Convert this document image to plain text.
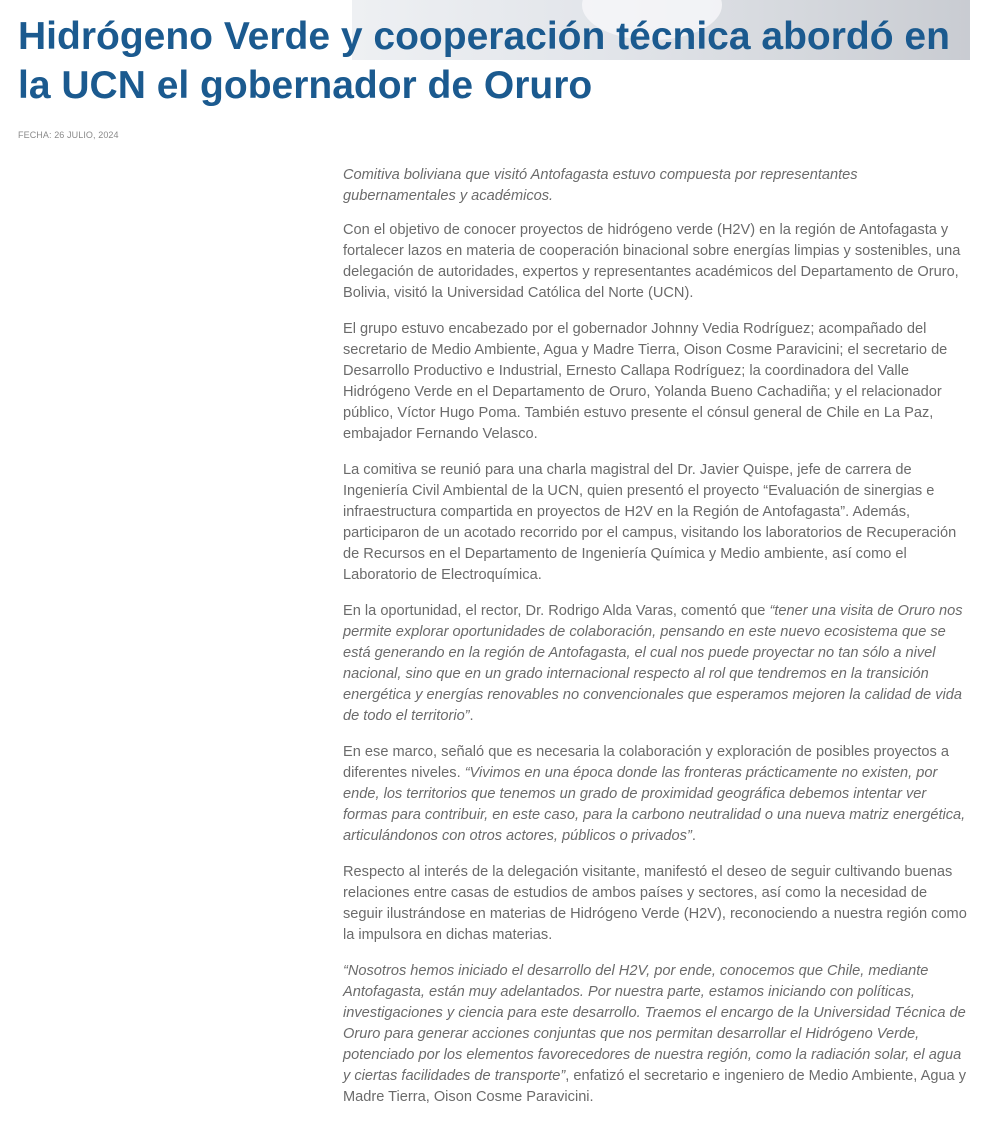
Hidrógeno Verde y cooperación técnica abordó en la UCN el gobernador de Oruro
FECHA: 26 JULIO, 2024

Comitiva boliviana que visitó Antofagasta estuvo compuesta por representantes gubernamentales y académicos.

Con el objetivo de conocer proyectos de hidrógeno verde (H2V) en la región de Antofagasta y fortalecer lazos en materia de cooperación binacional sobre energías limpias y sostenibles, una delegación de autoridades, expertos y representantes académicos del Departamento de Oruro, Bolivia, visitó la Universidad Católica del Norte (UCN).

El grupo estuvo encabezado por el gobernador Johnny Vedia Rodríguez; acompañado del secretario de Medio Ambiente, Agua y Madre Tierra, Oison Cosme Paravicini; el secretario de Desarrollo Productivo e Industrial, Ernesto Callapa Rodríguez; la coordinadora del Valle Hidrógeno Verde en el Departamento de Oruro, Yolanda Bueno Cachadiña; y el relacionador público, Víctor Hugo Poma. También estuvo presente el cónsul general de Chile en La Paz, embajador Fernando Velasco.

La comitiva se reunió para una charla magistral del Dr. Javier Quispe, jefe de carrera de Ingeniería Civil Ambiental de la UCN, quien presentó el proyecto “Evaluación de sinergias e infraestructura compartida en proyectos de H2V en la Región de Antofagasta”. Además, participaron de un acotado recorrido por el campus, visitando los laboratorios de Recuperación de Recursos en el Departamento de Ingeniería Química y Medio ambiente, así como el Laboratorio de Electroquímica.

En la oportunidad, el rector, Dr. Rodrigo Alda Varas, comentó que “tener una visita de Oruro nos permite explorar oportunidades de colaboración, pensando en este nuevo ecosistema que se está generando en la región de Antofagasta, el cual nos puede proyectar no tan sólo a nivel nacional, sino que en un grado internacional respecto al rol que tendremos en la transición energética y energías renovables no convencionales que esperamos mejoren la calidad de vida de todo el territorio”.

En ese marco, señaló que es necesaria la colaboración y exploración de posibles proyectos a diferentes niveles. “Vivimos en una época donde las fronteras prácticamente no existen, por ende, los territorios que tenemos un grado de proximidad geográfica debemos intentar ver formas para contribuir, en este caso, para la carbono neutralidad o una nueva matriz energética, articulándonos con otros actores, públicos o privados”.

Respecto al interés de la delegación visitante, manifestó el deseo de seguir cultivando buenas relaciones entre casas de estudios de ambos países y sectores, así como la necesidad de seguir ilustrándose en materias de Hidrógeno Verde (H2V), reconociendo a nuestra región como la impulsora en dichas materias.

“Nosotros hemos iniciado el desarrollo del H2V, por ende, conocemos que Chile, mediante Antofagasta, están muy adelantados. Por nuestra parte, estamos iniciando con políticas, investigaciones y ciencia para este desarrollo. Traemos el encargo de la Universidad Técnica de Oruro para generar acciones conjuntas que nos permitan desarrollar el Hidrógeno Verde, potenciado por los elementos favorecedores de nuestra región, como la radiación solar, el agua y ciertas facilidades de transporte”, enfatizó el secretario e ingeniero de Medio Ambiente, Agua y Madre Tierra, Oison Cosme Paravicini.
